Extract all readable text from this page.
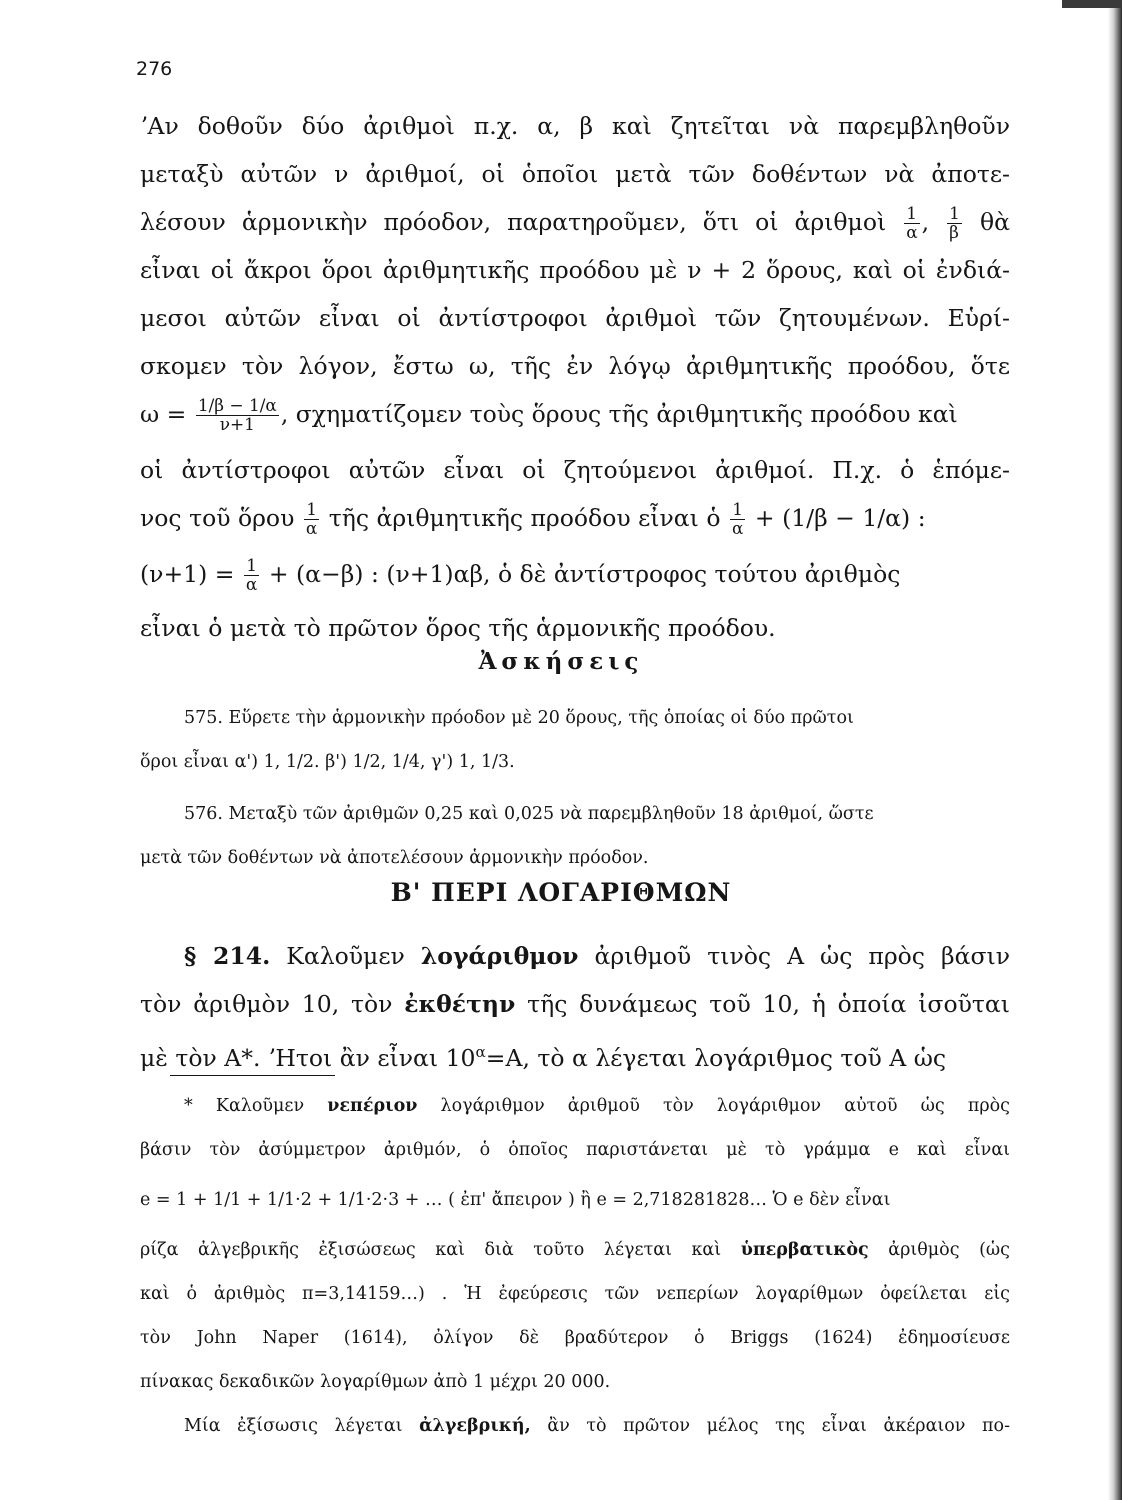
276
ʼΑν δοθοῦν δύο ἀριθμοὶ π.χ. α, β καὶ ζητεῖται νὰ παρεμβληθοῦν
μεταξὺ αὐτῶν ν ἀριθμοί, οἱ ὁποῖοι μετὰ τῶν δοθέντων νὰ ἀποτε-
λέσουν ἁρμονικὴν πρόοδον, παρατηροῦμεν, ὅτι οἱ ἀριθμοὶ $\frac{1}{\alpha}$ , $\frac{1}{\beta}$ θὰ
εἶναι οἱ ἄκροι ὅροι ἀριθμητικῆς προόδου μὲ ν + 2 ὅρους, καὶ οἱ ἐνδιά-
μεσοι αὐτῶν εἶναι οἱ ἀντίστροφοι ἀριθμοὶ τῶν ζητουμένων. Εὑρί-
σκομεν τὸν λόγον, ἔστω ω, τῆς ἐν λόγῳ ἀριθμητικῆς προόδου, ὅτε
$\omega = \frac{1/\beta - 1/\alpha}{\nu+1}$ , σχηματίζομεν τοὺς ὅρους τῆς ἀριθμητικῆς προόδου καὶ
οἱ ἀντίστροφοι αὐτῶν εἶναι οἱ ζητούμενοι ἀριθμοί. Π.χ. ὁ ἑπόμε-
νος τοῦ ὅρου $\frac{1}{\alpha}$ τῆς ἀριθμητικῆς προόδου εἶναι ὁ $\frac{1}{\alpha} + (1/\beta - 1/\alpha)$ :
$(\nu+1) = \frac{1}{\alpha} + (\alpha-\beta)$ : (ν+1)αβ, ὁ δὲ ἀντίστροφος τούτου ἀριθμὸς
εἶναι ὁ μετὰ τὸ πρῶτον ὅρος τῆς ἁρμονικῆς προόδου.
Ἀσκήσεις
575. Εὕρετε τὴν ἁρμονικὴν πρόοδον μὲ 20 ὅρους, τῆς ὁποίας οἱ δύο πρῶτοι
ὅροι εἶναι α') 1, 1/2. β') 1/2, 1/4, γ') 1, 1/3.
576. Μεταξὺ τῶν ἀριθμῶν 0,25 καὶ 0,025 νὰ παρεμβληθοῦν 18 ἀριθμοί, ὥστε
μετὰ τῶν δοθέντων νὰ ἀποτελέσουν ἁρμονικὴν πρόοδον.
Β' ΠΕΡΙ ΛΟΓΑΡΙΘΜΩΝ
§ 214. Καλοῦμεν λογάριθμον ἀριθμοῦ τινὸς Α ὡς πρὸς βάσιν
τὸν ἀριθμὸν 10, τὸν ἐκθέτην τῆς δυνάμεως τοῦ 10, ἡ ὁποία ἰσοῦται
μὲ τὸν Α*. ʼΗτοι ἂν εἶναι $10^\alpha=A$, τὸ α λέγεται λογάριθμος τοῦ Α ὡς
* Καλοῦμεν νεπέριον λογάριθμον ἀριθμοῦ τὸν λογάριθμον αὐτοῦ ὡς πρὸς
βάσιν τὸν ἀσύμμετρον ἀριθμόν, ὁ ὁποῖος παριστάνεται μὲ τὸ γράμμα e καὶ εἶναι
e = 1 + 1/1 + 1/1·2 + 1/1·2·3 + … ( ἐπ' ἄπειρον ) ἢ e = 2,718281828… Ὁ e δὲν εἶναι
ρίζα ἀλγεβρικῆς ἐξισώσεως καὶ διὰ τοῦτο λέγεται καὶ ὑπερβατικὸς ἀριθμὸς (ὡς
καὶ ὁ ἀριθμὸς π=3,14159…) . Ἡ ἐφεύρεσις τῶν νεπερίων λογαρίθμων ὀφείλεται εἰς
τὸν John Naper (1614), ὀλίγον δὲ βραδύτερον ὁ Briggs (1624) ἐδημοσίευσε
πίνακας δεκαδικῶν λογαρίθμων ἀπὸ 1 μέχρι 20 000.
Μία ἐξίσωσις λέγεται ἀλγεβρική, ἂν τὸ πρῶτον μέλος της εἶναι ἀκέραιον πο-
